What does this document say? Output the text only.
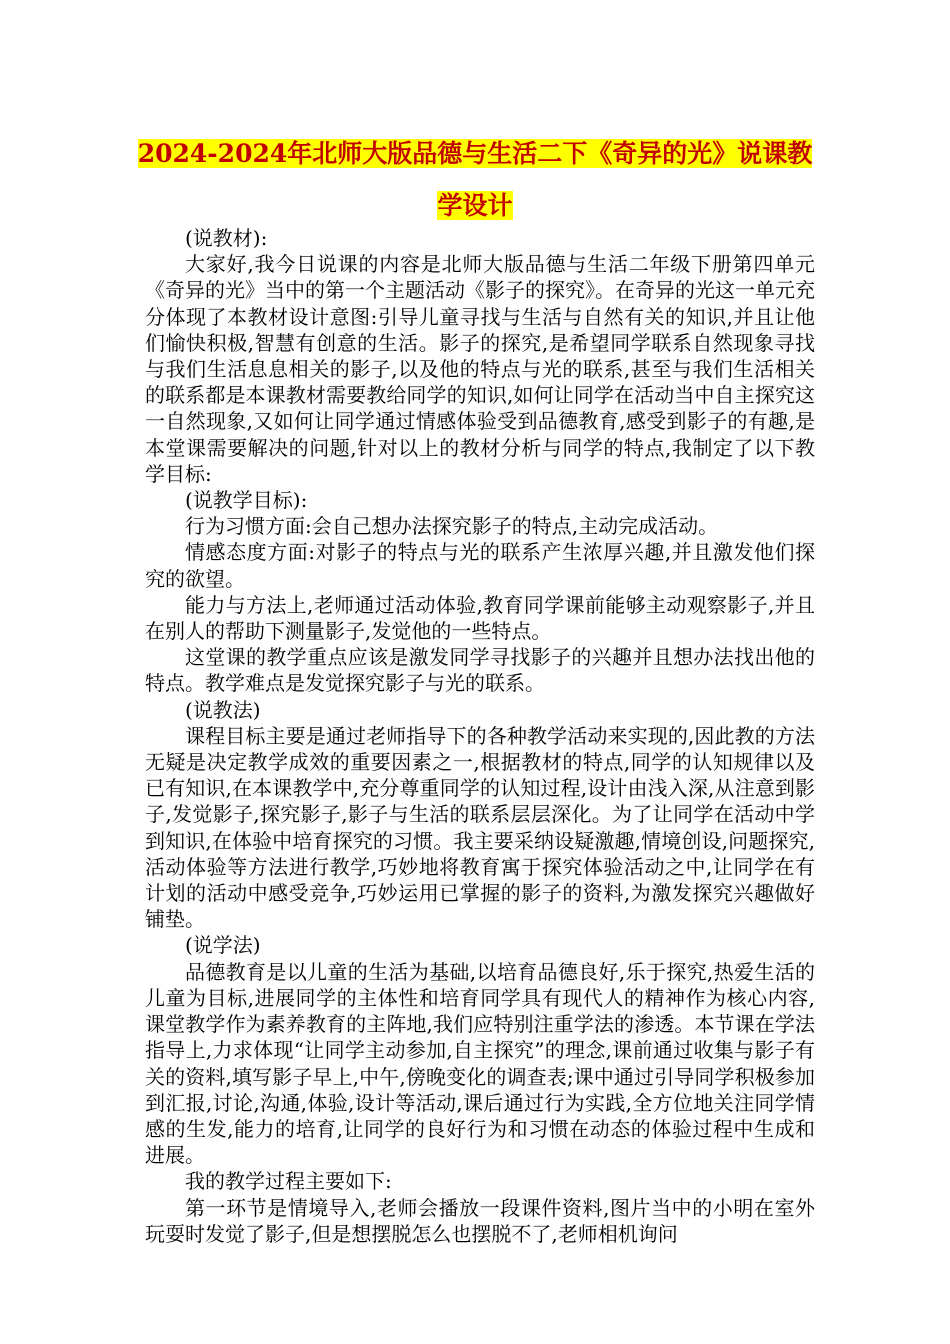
2024-2024年北师大版品德与生活二下《奇异的光》说课教
学设计

(说教材):

大家好,我今日说课的内容是北师大版品德与生活二年级下册第四单元《奇异的光》当中的第一个主题活动《影子的探究》。在奇异的光这一单元充分体现了本教材设计意图:引导儿童寻找与生活与自然有关的知识,并且让他们愉快积极,智慧有创意的生活。影子的探究,是希望同学联系自然现象寻找与我们生活息息相关的影子,以及他的特点与光的联系,甚至与我们生活相关的联系都是本课教材需要教给同学的知识,如何让同学在活动当中自主探究这一自然现象,又如何让同学通过情感体验受到品德教育,感受到影子的有趣,是本堂课需要解决的问题,针对以上的教材分析与同学的特点,我制定了以下教学目标:

(说教学目标):

行为习惯方面:会自己想办法探究影子的特点,主动完成活动。

情感态度方面:对影子的特点与光的联系产生浓厚兴趣,并且激发他们探究的欲望。

能力与方法上,老师通过活动体验,教育同学课前能够主动观察影子,并且在别人的帮助下测量影子,发觉他的一些特点。

这堂课的教学重点应该是激发同学寻找影子的兴趣并且想办法找出他的特点。教学难点是发觉探究影子与光的联系。

(说教法)

课程目标主要是通过老师指导下的各种教学活动来实现的,因此教的方法无疑是决定教学成效的重要因素之一,根据教材的特点,同学的认知规律以及已有知识,在本课教学中,充分尊重同学的认知过程,设计由浅入深,从注意到影子,发觉影子,探究影子,影子与生活的联系层层深化。为了让同学在活动中学到知识,在体验中培育探究的习惯。我主要采纳设疑激趣,情境创设,问题探究,活动体验等方法进行教学,巧妙地将教育寓于探究体验活动之中,让同学在有计划的活动中感受竞争,巧妙运用已掌握的影子的资料,为激发探究兴趣做好铺垫。

(说学法)

品德教育是以儿童的生活为基础,以培育品德良好,乐于探究,热爱生活的儿童为目标,进展同学的主体性和培育同学具有现代人的精神作为核心内容,课堂教学作为素养教育的主阵地,我们应特别注重学法的渗透。本节课在学法指导上,力求体现“让同学主动参加,自主探究”的理念,课前通过收集与影子有关的资料,填写影子早上,中午,傍晚变化的调查表;课中通过引导同学积极参加到汇报,讨论,沟通,体验,设计等活动,课后通过行为实践,全方位地关注同学情感的生发,能力的培育,让同学的良好行为和习惯在动态的体验过程中生成和进展。

我的教学过程主要如下:

第一环节是情境导入,老师会播放一段课件资料,图片当中的小明在室外玩耍时发觉了影子,但是想摆脱怎么也摆脱不了,老师相机询问
